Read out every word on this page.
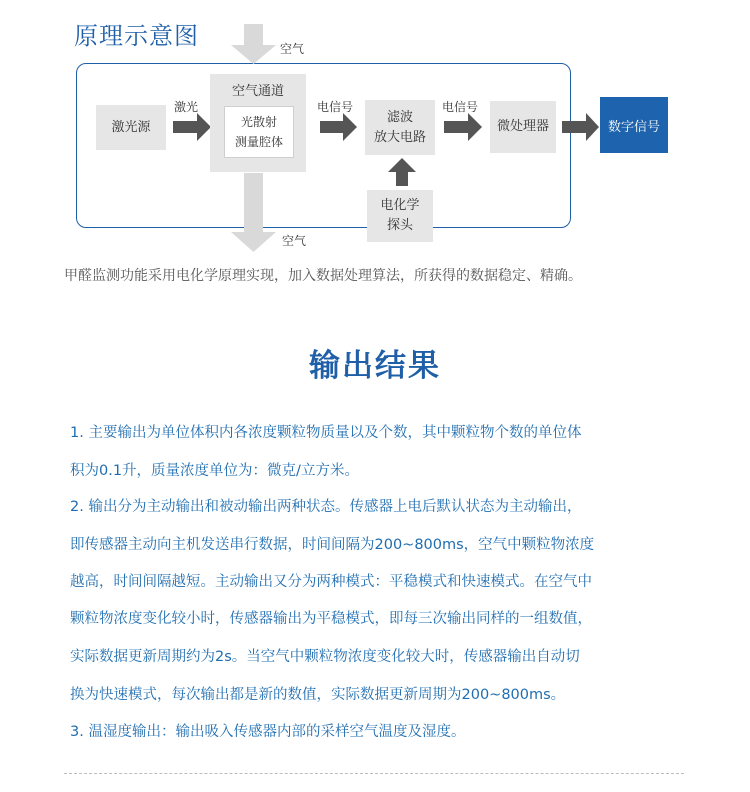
原理示意图	空气
空气
激光	电信号	电信号
激光源
空气通道
光散射
测量腔体
滤波
放大电路
微处理器	数字信号
电化学
探头
甲醛监测功能采用电化学原理实现，加入数据处理算法，所获得的数据稳定、精确。
输出结果
1. 主要输出为单位体积内各浓度颗粒物质量以及个数，其中颗粒物个数的单位体
积为0.1升，质量浓度单位为：微克/立方米。
2. 输出分为主动输出和被动输出两种状态。传感器上电后默认状态为主动输出，
即传感器主动向主机发送串行数据，时间间隔为200~800ms，空气中颗粒物浓度
越高，时间间隔越短。主动输出又分为两种模式：平稳模式和快速模式。在空气中
颗粒物浓度变化较小时，传感器输出为平稳模式，即每三次输出同样的一组数值，
实际数据更新周期约为2s。当空气中颗粒物浓度变化较大时，传感器输出自动切
换为快速模式，每次输出都是新的数值，实际数据更新周期为200~800ms。
3. 温湿度输出：输出吸入传感器内部的采样空气温度及湿度。
